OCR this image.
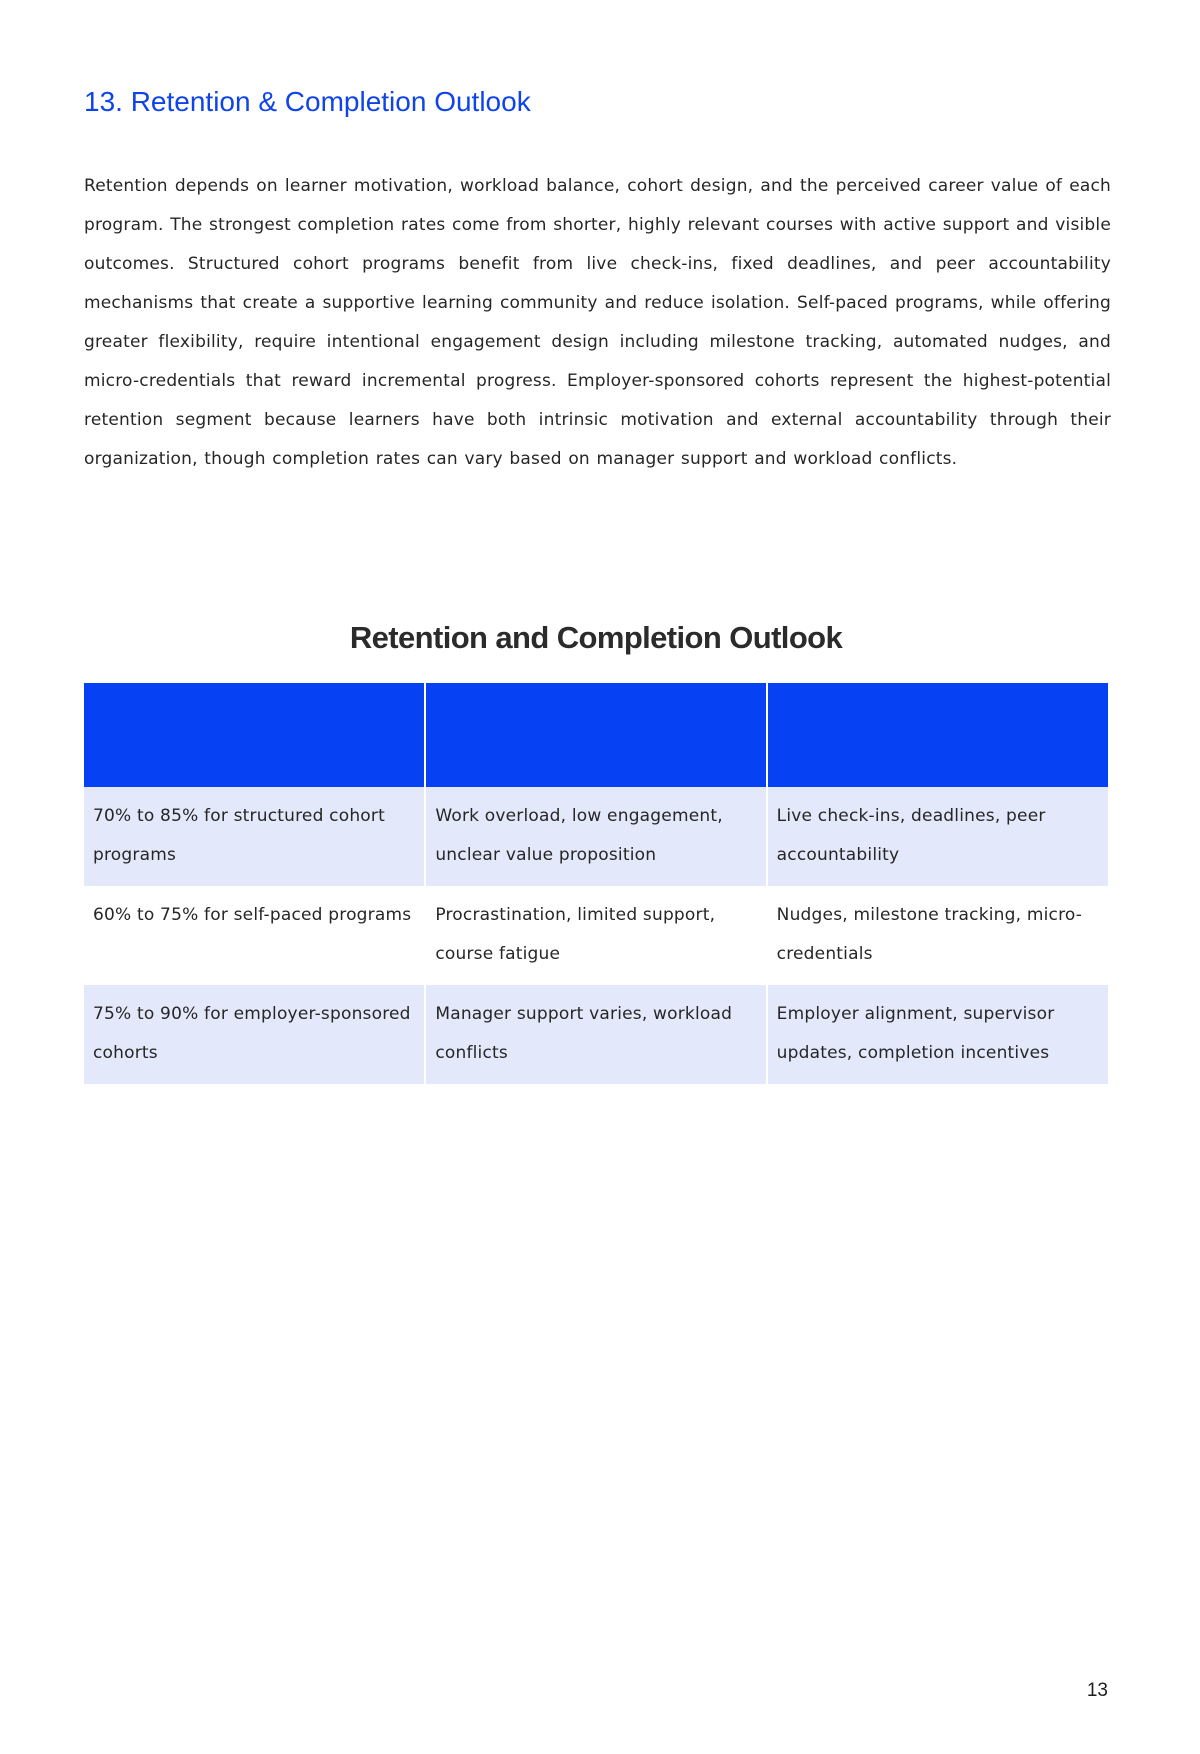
13. Retention & Completion Outlook

Retention depends on learner motivation, workload balance, cohort design, and the perceived career value of each program. The strongest completion rates come from shorter, highly relevant courses with active support and visible outcomes. Structured cohort programs benefit from live check-ins, fixed deadlines, and peer accountability mechanisms that create a supportive learning community and reduce isolation. Self-paced programs, while offering greater flexibility, require intentional engagement design including milestone tracking, automated nudges, and micro-credentials that reward incremental progress. Employer-sponsored cohorts represent the highest-potential retention segment because learners have both intrinsic motivation and external accountability through their organization, though completion rates can vary based on manager support and workload conflicts.

Retention and Completion Outlook

70% to 85% for structured cohort programs	Work overload, low engagement, unclear value proposition	Live check-ins, deadlines, peer accountability
60% to 75% for self-paced programs	Procrastination, limited support, course fatigue	Nudges, milestone tracking, micro-credentials
75% to 90% for employer-sponsored cohorts	Manager support varies, workload conflicts	Employer alignment, supervisor updates, completion incentives
13
